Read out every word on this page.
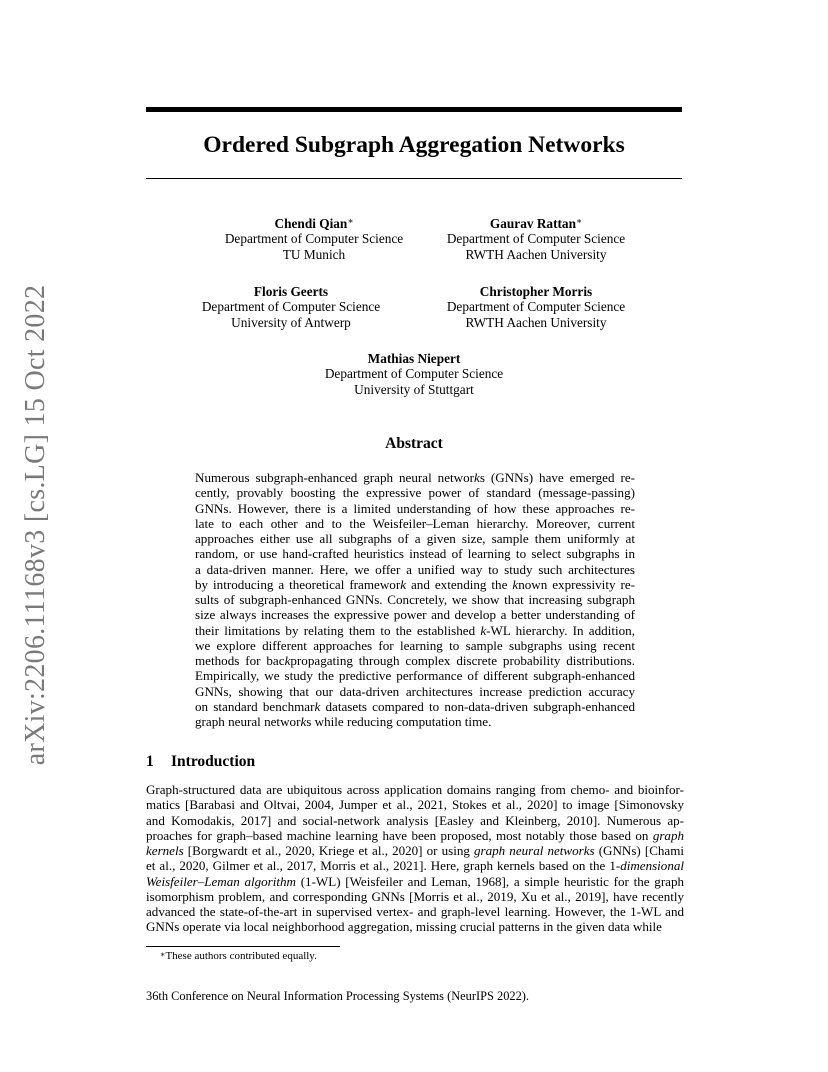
arXiv:2206.11168v3 [cs.LG] 15 Oct 2022
Ordered Subgraph Aggregation Networks
Chendi Qian∗
Department of Computer Science
TU Munich
Gaurav Rattan∗
Department of Computer Science
RWTH Aachen University
Floris Geerts
Department of Computer Science
University of Antwerp
Christopher Morris
Department of Computer Science
RWTH Aachen University
Mathias Niepert
Department of Computer Science
University of Stuttgart
Abstract
Numerous subgraph-enhanced graph neural networks (GNNs) have emerged re-
cently, provably boosting the expressive power of standard (message-passing)
GNNs. However, there is a limited understanding of how these approaches re-
late to each other and to the Weisfeiler–Leman hierarchy. Moreover, current
approaches either use all subgraphs of a given size, sample them uniformly at
random, or use hand-crafted heuristics instead of learning to select subgraphs in
a data-driven manner. Here, we offer a unified way to study such architectures
by introducing a theoretical framework and extending the known expressivity re-
sults of subgraph-enhanced GNNs. Concretely, we show that increasing subgraph
size always increases the expressive power and develop a better understanding of
their limitations by relating them to the established k-WL hierarchy. In addition,
we explore different approaches for learning to sample subgraphs using recent
methods for backpropagating through complex discrete probability distributions.
Empirically, we study the predictive performance of different subgraph-enhanced
GNNs, showing that our data-driven architectures increase prediction accuracy
on standard benchmark datasets compared to non-data-driven subgraph-enhanced
graph neural networks while reducing computation time.
1 Introduction
Graph-structured data are ubiquitous across application domains ranging from chemo- and bioinfor-
matics [Barabasi and Oltvai, 2004, Jumper et al., 2021, Stokes et al., 2020] to image [Simonovsky
and Komodakis, 2017] and social-network analysis [Easley and Kleinberg, 2010]. Numerous ap-
proaches for graph–based machine learning have been proposed, most notably those based on graph
kernels [Borgwardt et al., 2020, Kriege et al., 2020] or using graph neural networks (GNNs) [Chami
et al., 2020, Gilmer et al., 2017, Morris et al., 2021]. Here, graph kernels based on the 1-dimensional
Weisfeiler–Leman algorithm (1-WL) [Weisfeiler and Leman, 1968], a simple heuristic for the graph
isomorphism problem, and corresponding GNNs [Morris et al., 2019, Xu et al., 2019], have recently
advanced the state-of-the-art in supervised vertex- and graph-level learning. However, the 1-WL and
GNNs operate via local neighborhood aggregation, missing crucial patterns in the given data while
∗These authors contributed equally.
36th Conference on Neural Information Processing Systems (NeurIPS 2022).
